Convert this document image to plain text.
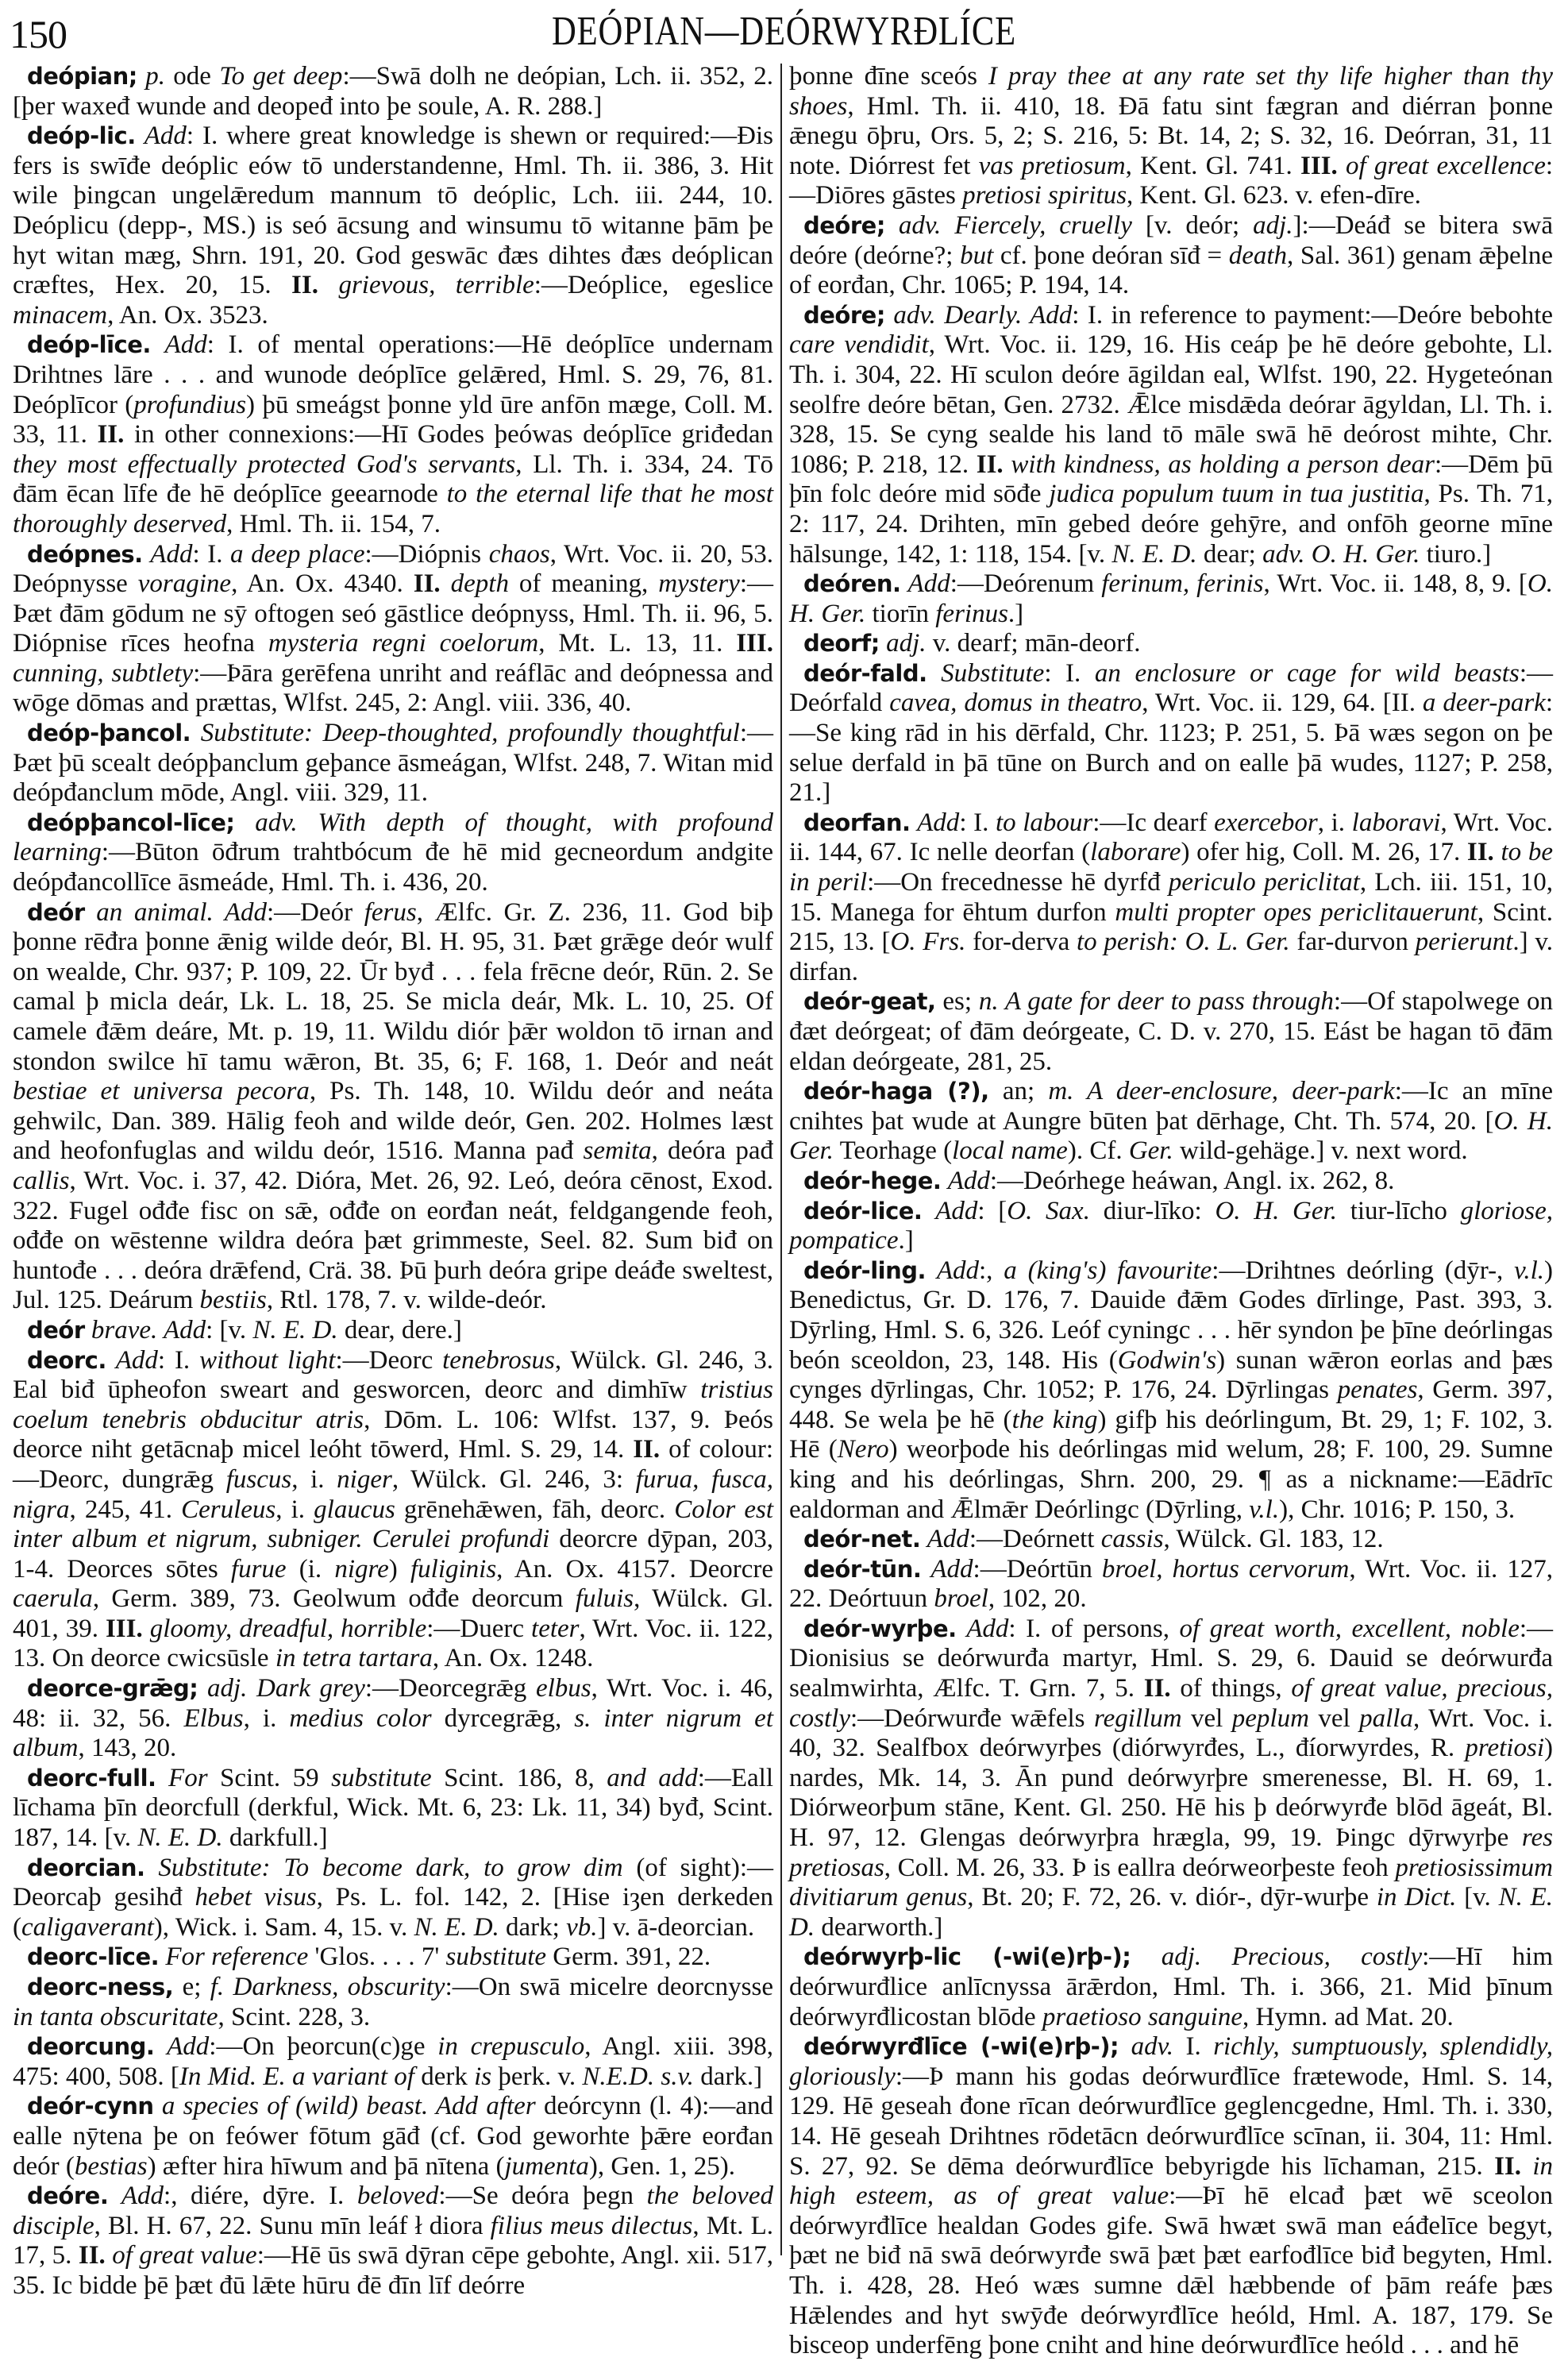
150	DEÓPIAN—DEÓRWYRÐLÍCE

deópian; p. ode To get deep:—Swā dolh ne deópian, Lch. ii. 352, 2. [þer waxeđ wunde and deopeđ into þe soule, A. R. 288.]

deóp-lic. Add: I. where great knowledge is shewn or required:—Đis fers is swīđe deóplic eów tō understandenne, Hml. Th. ii. 386, 3. Hit wile þingcan ungelǣredum mannum tō deóplic, Lch. iii. 244, 10. Deóplicu (depp-, MS.) is seó ācsung and winsumu tō witanne þām þe hyt witan mæg, Shrn. 191, 20. God geswāc đæs dihtes đæs deóplican cræftes, Hex. 20, 15. II. grievous, terrible:—Deóplice, egeslice minacem, An. Ox. 3523.

deóp-līce. Add: I. of mental operations:—Hē deóplīce undernam Drihtnes lāre . . . and wunode deóplīce gelǣred, Hml. S. 29, 76, 81. Deóplīcor (profundius) þū smeágst þonne yld ūre anfōn mæge, Coll. M. 33, 11. II. in other connexions:—Hī Godes þeówas deóplīce griđedan they most effectually protected God's servants, Ll. Th. i. 334, 24. Tō đām ēcan līfe đe hē deóplīce geearnode to the eternal life that he most thoroughly deserved, Hml. Th. ii. 154, 7.

deópnes. Add: I. a deep place:—Diópnis chaos, Wrt. Voc. ii. 20, 53. Deópnysse voragine, An. Ox. 4340. II. depth of meaning, mystery:—Þæt đām gōdum ne sȳ oftogen seó gāstlice deópnyss, Hml. Th. ii. 96, 5. Diópnise rīces heofna mysteria regni coelorum, Mt. L. 13, 11. III. cunning, subtlety:—Þāra gerēfena unriht and reáflāc and deópnessa and wōge dōmas and prættas, Wlfst. 245, 2: Angl. viii. 336, 40.

deóp-þancol. Substitute: Deep-thoughted, profoundly thoughtful:—Þæt þū scealt deópþanclum geþance āsmeágan, Wlfst. 248, 7. Witan mid deópđanclum mōde, Angl. viii. 329, 11.

deópþancol-līce; adv. With depth of thought, with profound learning:—Būton ōđrum trahtbócum đe hē mid gecneordum andgite deópđancollīce āsmeáde, Hml. Th. i. 436, 20.

deór an animal. Add:—Deór ferus, Ælfc. Gr. Z. 236, 11. God biþ þonne rēđra þonne ǣnig wilde deór, Bl. H. 95, 31. Þæt grǣge deór wulf on wealde, Chr. 937; P. 109, 22. Ūr byđ . . . fela frēcne deór, Rūn. 2. Se camal þ micla deár, Lk. L. 18, 25. Se micla deár, Mk. L. 10, 25. Of camele đǣm deáre, Mt. p. 19, 11. Wildu diór þǣr woldon tō irnan and stondon swilce hī tamu wǣron, Bt. 35, 6; F. 168, 1. Deór and neát bestiae et universa pecora, Ps. Th. 148, 10. Wildu deór and neáta gehwilc, Dan. 389. Hālig feoh and wilde deór, Gen. 202. Holmes læst and heofonfuglas and wildu deór, 1516. Manna pađ semita, deóra pađ callis, Wrt. Voc. i. 37, 42. Dióra, Met. 26, 92. Leó, deóra cēnost, Exod. 322. Fugel ođđe fisc on sǣ, ođđe on eorđan neát, feldgangende feoh, ođđe on wēstenne wildra deóra þæt grimmeste, Seel. 82. Sum biđ on huntođe . . . deóra drǣfend, Crä. 38. Þū þurh deóra gripe deáđe sweltest, Jul. 125. Deárum bestiis, Rtl. 178, 7. v. wilde-deór.

deór brave. Add: [v. N. E. D. dear, dere.]

deorc. Add: I. without light:—Deorc tenebrosus, Wülck. Gl. 246, 3. Eal biđ ūpheofon sweart and gesworcen, deorc and dimhīw tristius coelum tenebris obducitur atris, Dōm. L. 106: Wlfst. 137, 9. Þeós deorce niht getācnaþ micel leóht tōwerd, Hml. S. 29, 14. II. of colour:—Deorc, dungrǣg fuscus, i. niger, Wülck. Gl. 246, 3: furua, fusca, nigra, 245, 41. Ceruleus, i. glaucus grēnehǣwen, fāh, deorc. Color est inter album et nigrum, subniger. Cerulei profundi deorcre dȳpan, 203, 1-4. Deorces sōtes furue (i. nigre) fuliginis, An. Ox. 4157. Deorcre caerula, Germ. 389, 73. Geolwum ođđe deorcum fuluis, Wülck. Gl. 401, 39. III. gloomy, dreadful, horrible:—Duerc teter, Wrt. Voc. ii. 122, 13. On deorce cwicsūsle in tetra tartara, An. Ox. 1248.

deorce-grǣg; adj. Dark grey:—Deorcegrǣg elbus, Wrt. Voc. i. 46, 48: ii. 32, 56. Elbus, i. medius color dyrcegrǣg, s. inter nigrum et album, 143, 20.

deorc-full. For Scint. 59 substitute Scint. 186, 8, and add:—Eall līchama þīn deorcfull (derkful, Wick. Mt. 6, 23: Lk. 11, 34) byđ, Scint. 187, 14. [v. N. E. D. darkfull.]

deorcian. Substitute: To become dark, to grow dim (of sight):—Deorcaþ gesihđ hebet visus, Ps. L. fol. 142, 2. [Hise iȝen derkeden (caligaverant), Wick. i. Sam. 4, 15. v. N. E. D. dark; vb.] v. ā-deorcian.

deorc-līce. For reference 'Glos. . . . 7' substitute Germ. 391, 22.

deorc-ness, e; f. Darkness, obscurity:—On swā micelre deorcnysse in tanta obscuritate, Scint. 228, 3.

deorcung. Add:—On þeorcun(c)ge in crepusculo, Angl. xiii. 398, 475: 400, 508. [In Mid. E. a variant of derk is þerk. v. N.E.D. s.v. dark.]

deór-cynn a species of (wild) beast. Add after deórcynn (l. 4):—and ealle nȳtena þe on feówer fōtum gāđ (cf. God geworhte þǣre eorđan deór (bestias) æfter hira hīwum and þā nītena (jumenta), Gen. 1, 25).

deóre. Add:, diére, dȳre. I. beloved:—Se deóra þegn the beloved disciple, Bl. H. 67, 22. Sunu mīn leáf ł diora filius meus dilectus, Mt. L. 17, 5. II. of great value:—Hē ūs swā dȳran cēpe gebohte, Angl. xii. 517, 35. Ic bidde þē þæt đū lǣte hūru đē đīn līf deórre

þonne đīne sceós I pray thee at any rate set thy life higher than thy shoes, Hml. Th. ii. 410, 18. Đā fatu sint fægran and diérran þonne ǣnegu ōþru, Ors. 5, 2; S. 216, 5: Bt. 14, 2; S. 32, 16. Deórran, 31, 11 note. Diórrest fet vas pretiosum, Kent. Gl. 741. III. of great excellence:—Diōres gāstes pretiosi spiritus, Kent. Gl. 623. v. efen-dīre.

deóre; adv. Fiercely, cruelly [v. deór; adj.]:—Deáđ se bitera swā deóre (deórne?; but cf. þone deóran sīđ = death, Sal. 361) genam ǣþelne of eorđan, Chr. 1065; P. 194, 14.

deóre; adv. Dearly. Add: I. in reference to payment:—Deóre bebohte care vendidit, Wrt. Voc. ii. 129, 16. His ceáp þe hē deóre gebohte, Ll. Th. i. 304, 22. Hī sculon deóre āgildan eal, Wlfst. 190, 22. Hygeteónan seolfre deóre bētan, Gen. 2732. Ǣlce misdǣda deórar āgyldan, Ll. Th. i. 328, 15. Se cyng sealde his land tō māle swā hē deórost mihte, Chr. 1086; P. 218, 12. II. with kindness, as holding a person dear:—Dēm þū þīn folc deóre mid sōđe judica populum tuum in tua justitia, Ps. Th. 71, 2: 117, 24. Drihten, mīn gebed deóre gehȳre, and onfōh georne mīne hālsunge, 142, 1: 118, 154. [v. N. E. D. dear; adv. O. H. Ger. tiuro.]

deóren. Add:—Deórenum ferinum, ferinis, Wrt. Voc. ii. 148, 8, 9. [O. H. Ger. tiorīn ferinus.]

deorf; adj. v. dearf; mān-deorf.

deór-fald. Substitute: I. an enclosure or cage for wild beasts:—Deórfald cavea, domus in theatro, Wrt. Voc. ii. 129, 64. [II. a deer-park:—Se king rād in his dērfald, Chr. 1123; P. 251, 5. Þā wæs segon on þe selue derfald in þā tūne on Burch and on ealle þā wudes, 1127; P. 258, 21.]

deorfan. Add: I. to labour:—Ic dearf exercebor, i. laboravi, Wrt. Voc. ii. 144, 67. Ic nelle deorfan (laborare) ofer hig, Coll. M. 26, 17. II. to be in peril:—On frecednesse hē dyrfđ periculo periclitat, Lch. iii. 151, 10, 15. Manega for ēhtum durfon multi propter opes periclitauerunt, Scint. 215, 13. [O. Frs. for-derva to perish: O. L. Ger. far-durvon perierunt.] v. dirfan.

deór-geat, es; n. A gate for deer to pass through:—Of stapolwege on đæt deórgeat; of đām deórgeate, C. D. v. 270, 15. Eást be hagan tō đām eldan deórgeate, 281, 25.

deór-haga (?), an; m. A deer-enclosure, deer-park:—Ic an mīne cnihtes þat wude at Aungre būten þat dērhage, Cht. Th. 574, 20. [O. H. Ger. Teorhage (local name). Cf. Ger. wild-gehäge.] v. next word.

deór-hege. Add:—Deórhege heáwan, Angl. ix. 262, 8.

deór-lice. Add: [O. Sax. diur-līko: O. H. Ger. tiur-līcho gloriose, pompatice.]

deór-ling. Add:, a (king's) favourite:—Drihtnes deórling (dȳr-, v.l.) Benedictus, Gr. D. 176, 7. Dauide đǣm Godes dīrlinge, Past. 393, 3. Dȳrling, Hml. S. 6, 326. Leóf cyningc . . . hēr syndon þe þīne deórlingas beón sceoldon, 23, 148. His (Godwin's) sunan wǣron eorlas and þæs cynges dȳrlingas, Chr. 1052; P. 176, 24. Dȳrlingas penates, Germ. 397, 448. Se wela þe hē (the king) gifþ his deórlingum, Bt. 29, 1; F. 102, 3. Hē (Nero) weorþode his deórlingas mid welum, 28; F. 100, 29. Sumne king and his deórlingas, Shrn. 200, 29. ¶ as a nickname:—Eādrīc ealdorman and Ǣlmǣr Deórlingc (Dȳrling, v.l.), Chr. 1016; P. 150, 3.

deór-net. Add:—Deórnett cassis, Wülck. Gl. 183, 12.

deór-tūn. Add:—Deórtūn broel, hortus cervorum, Wrt. Voc. ii. 127, 22. Deórtuun broel, 102, 20.

deór-wyrþe. Add: I. of persons, of great worth, excellent, noble:—Dionisius se deórwurđa martyr, Hml. S. 29, 6. Dauid se deórwurđa sealmwirhta, Ælfc. T. Grn. 7, 5. II. of things, of great value, precious, costly:—Deórwurđe wǣfels regillum vel peplum vel palla, Wrt. Voc. i. 40, 32. Sealfbox deórwyrþes (diórwyrđes, L., đíorwyrdes, R. pretiosi) nardes, Mk. 14, 3. Ān pund deórwyrþre smerenesse, Bl. H. 69, 1. Diórweorþum stāne, Kent. Gl. 250. Hē his þ deórwyrđe blōd āgeát, Bl. H. 97, 12. Glengas deórwyrþra hrægla, 99, 19. Þingc dȳrwyrþe res pretiosas, Coll. M. 26, 33. Þ is eallra deórweorþeste feoh pretiosissimum divitiarum genus, Bt. 20; F. 72, 26. v. diór-, dȳr-wurþe in Dict. [v. N. E. D. dearworth.]

deórwyrþ-lic (-wi(e)rþ-); adj. Precious, costly:—Hī him deórwurđlice anlīcnyssa ārǣrdon, Hml. Th. i. 366, 21. Mid þīnum deórwyrđlicostan blōde praetioso sanguine, Hymn. ad Mat. 20.

deórwyrđlīce (-wi(e)rþ-); adv. I. richly, sumptuously, splendidly, gloriously:—Þ mann his godas deórwurđlīce frætewode, Hml. S. 14, 129. Hē geseah đone rīcan deórwurđlīce geglencgedne, Hml. Th. i. 330, 14. Hē geseah Drihtnes rōdetācn deórwurđlīce scīnan, ii. 304, 11: Hml. S. 27, 92. Se dēma deórwurđlīce bebyrigde his līchaman, 215. II. in high esteem, as of great value:—Þī hē elcađ þæt wē sceolon deórwyrđlīce healdan Godes gife. Swā hwæt swā man eáđelīce begyt, þæt ne biđ nā swā deórwyrđe swā þæt þæt earfođlīce biđ begyten, Hml. Th. i. 428, 28. Heó wæs sumne dǣl hæbbende of þām reáfe þæs Hǣlendes and hyt swȳđe deórwyrđlīce heóld, Hml. A. 187, 179. Se bisceop underfēng þone cniht and hine deórwurđlīce heóld . . . and hē
